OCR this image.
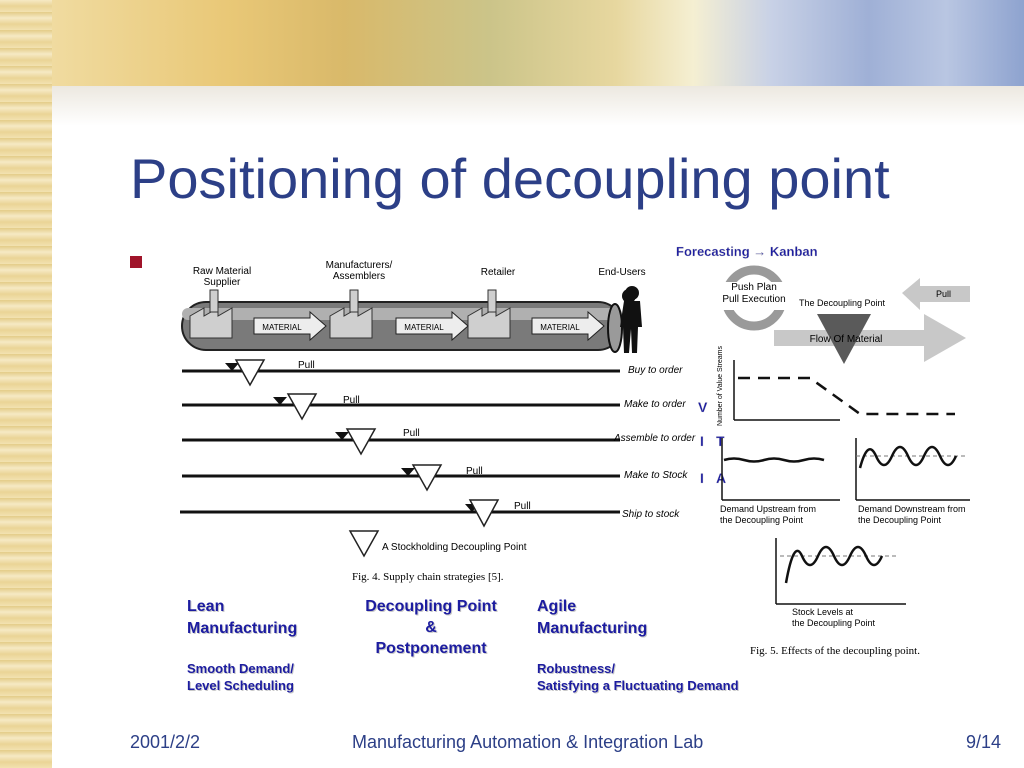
Positioning of decoupling point
Raw Material
Supplier
Manufacturers/
Assemblers	Retailer	End-Users
MATERIAL	MATERIAL	MATERIAL
Pull
Pull
Pull
Pull
Pull
A Stockholding Decoupling Point
Fig. 4. Supply chain strategies [5].
Buy to order
Make to order
Assemble to order
Make to Stock
Ship to stock
Forecasting → Kanban
Push Plan
Pull Execution The Decoupling Point
Pull
Flow Of Material
Number of Value Streams
V
I T
I A
Demand Upstream from
the Decoupling Point
Demand Downstream from
the Decoupling Point
Stock Levels at
the Decoupling Point
Fig. 5. Effects of the decoupling point.
Lean
Manufacturing
Smooth Demand/
Level Scheduling
Decoupling Point
&
Postponement
Agile
Manufacturing
Robustness/
Satisfying a Fluctuating Demand
2001/2/2	Manufacturing Automation & Integration Lab	9/14
